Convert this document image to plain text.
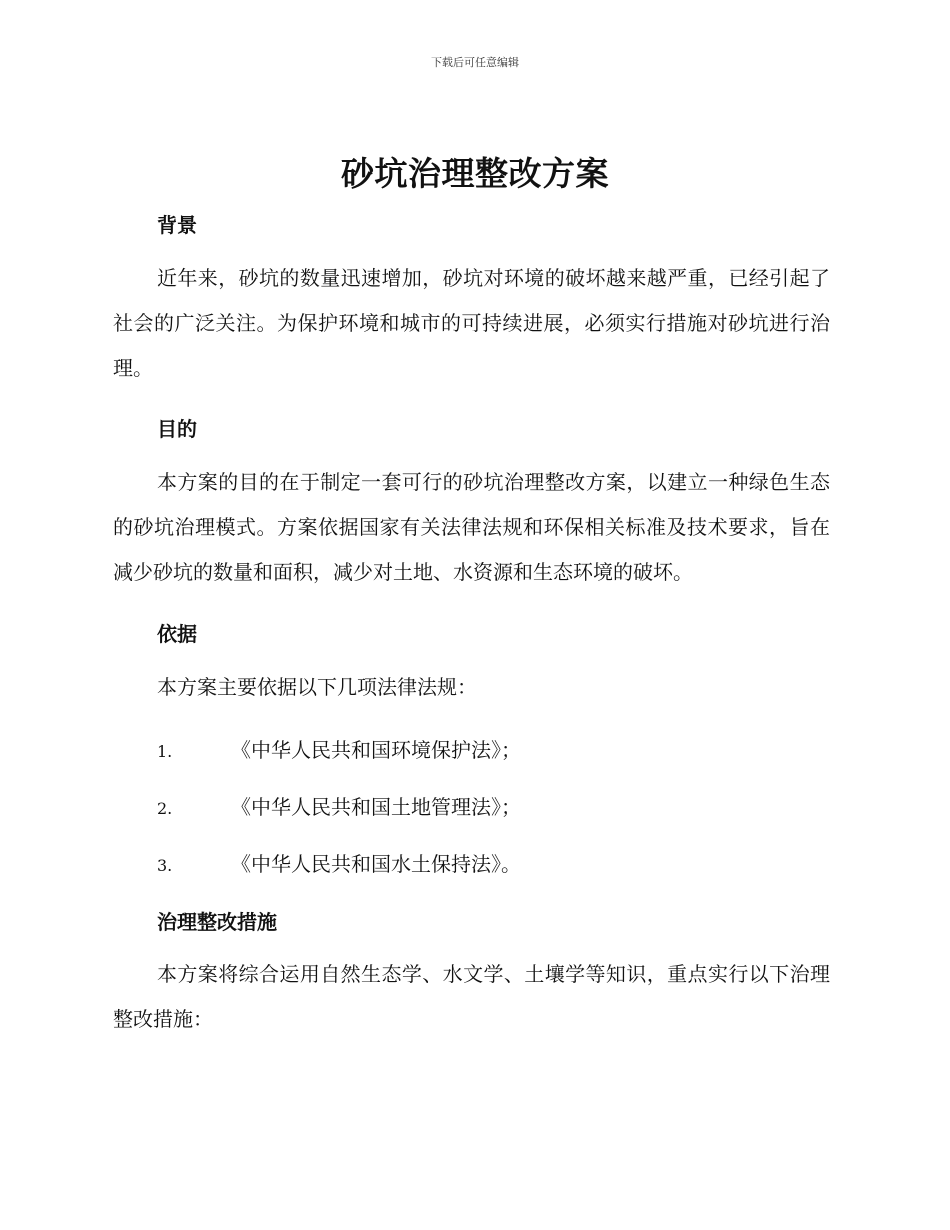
下载后可任意编辑
砂坑治理整改方案
背景

近年来，砂坑的数量迅速增加，砂坑对环境的破坏越来越严重，已经引起了社会的广泛关注。为保护环境和城市的可持续进展，必须实行措施对砂坑进行治理。

目的

本方案的目的在于制定一套可行的砂坑治理整改方案，以建立一种绿色生态的砂坑治理模式。方案依据国家有关法律法规和环保相关标准及技术要求，旨在减少砂坑的数量和面积，减少对土地、水资源和生态环境的破坏。

依据

本方案主要依据以下几项法律法规：

1.	《中华人民共和国环境保护法》；
2.	《中华人民共和国土地管理法》；
3.	《中华人民共和国水土保持法》。
治理整改措施

本方案将综合运用自然生态学、水文学、土壤学等知识，重点实行以下治理整改措施：
